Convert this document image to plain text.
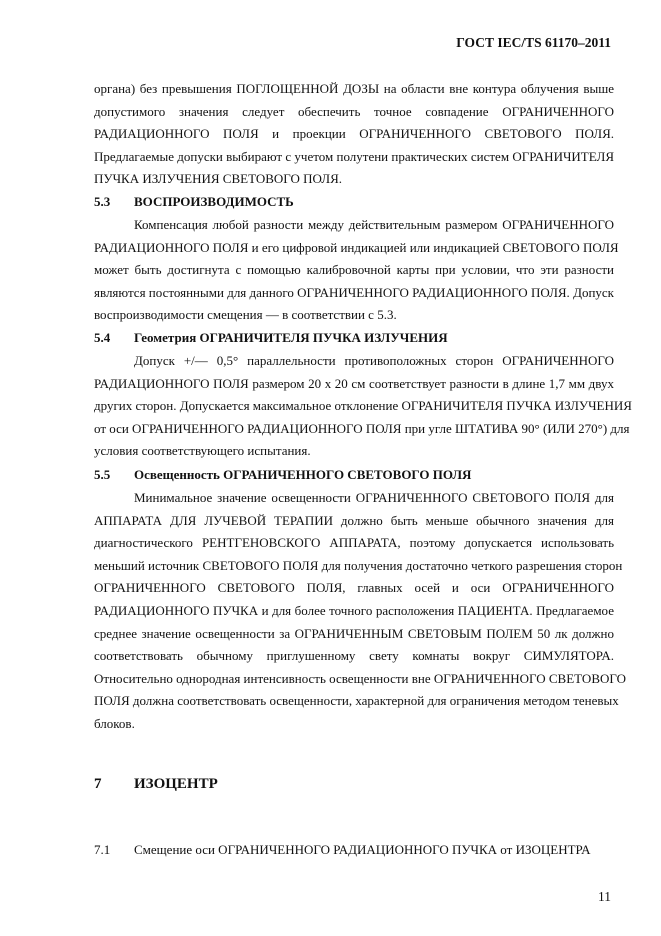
ГОСТ IEC/TS 61170–2011
органа) без превышения ПОГЛОЩЕННОЙ ДОЗЫ на области вне контура облучения выше
допустимого значения следует обеспечить точное совпадение ОГРАНИЧЕННОГО
РАДИАЦИОННОГО ПОЛЯ и проекции ОГРАНИЧЕННОГО СВЕТОВОГО ПОЛЯ.
Предлагаемые допуски выбирают с учетом полутени практических систем ОГРАНИЧИТЕЛЯ
ПУЧКА ИЗЛУЧЕНИЯ СВЕТОВОГО ПОЛЯ.
5.3 ВОСПРОИЗВОДИМОСТЬ
Компенсация любой разности между действительным размером ОГРАНИЧЕННОГО
РАДИАЦИОННОГО ПОЛЯ и его цифровой индикацией или индикацией СВЕТОВОГО ПОЛЯ
может быть достигнута с помощью калибровочной карты при условии, что эти разности
являются постоянными для данного ОГРАНИЧЕННОГО РАДИАЦИОННОГО ПОЛЯ. Допуск
воспроизводимости смещения — в соответствии с 5.3.
5.4 Геометрия ОГРАНИЧИТЕЛЯ ПУЧКА ИЗЛУЧЕНИЯ
Допуск +/— 0,5° параллельности противоположных сторон ОГРАНИЧЕННОГО
РАДИАЦИОННОГО ПОЛЯ размером 20 х 20 см соответствует разности в длине 1,7 мм двух
других сторон. Допускается максимальное отклонение ОГРАНИЧИТЕЛЯ ПУЧКА ИЗЛУЧЕНИЯ
от оси ОГРАНИЧЕННОГО РАДИАЦИОННОГО ПОЛЯ при угле ШТАТИВА 90° (ИЛИ 270°) для
условия соответствующего испытания.
5.5 Освещенность ОГРАНИЧЕННОГО СВЕТОВОГО ПОЛЯ
Минимальное значение освещенности ОГРАНИЧЕННОГО СВЕТОВОГО ПОЛЯ для
АППАРАТА ДЛЯ ЛУЧЕВОЙ ТЕРАПИИ должно быть меньше обычного значения для
диагностического РЕНТГЕНОВСКОГО АППАРАТА, поэтому допускается использовать
меньший источник СВЕТОВОГО ПОЛЯ для получения достаточно четкого разрешения сторон
ОГРАНИЧЕННОГО СВЕТОВОГО ПОЛЯ, главных осей и оси ОГРАНИЧЕННОГО
РАДИАЦИОННОГО ПУЧКА и для более точного расположения ПАЦИЕНТА. Предлагаемое
среднее значение освещенности за ОГРАНИЧЕННЫМ СВЕТОВЫМ ПОЛЕМ 50 лк должно
соответствовать обычному приглушенному свету комнаты вокруг СИМУЛЯТОРА.
Относительно однородная интенсивность освещенности вне ОГРАНИЧЕННОГО СВЕТОВОГО
ПОЛЯ должна соответствовать освещенности, характерной для ограничения методом теневых
блоков.
7 ИЗОЦЕНТР
7.1 Смещение оси ОГРАНИЧЕННОГО РАДИАЦИОННОГО ПУЧКА от ИЗОЦЕНТРА
11
